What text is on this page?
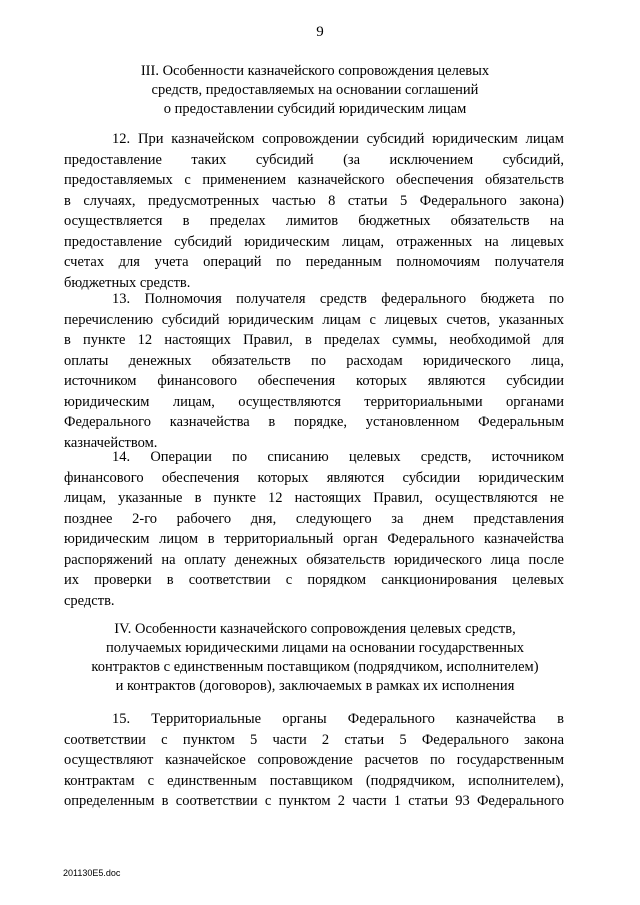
9
III. Особенности казначейского сопровождения целевых
средств, предоставляемых на основании соглашений
о предоставлении субсидий юридическим лицам
12. При казначейском сопровождении субсидий юридическим лицам
предоставление таких субсидий (за исключением субсидий,
предоставляемых с применением казначейского обеспечения обязательств
в случаях, предусмотренных частью 8 статьи 5 Федерального закона)
осуществляется в пределах лимитов бюджетных обязательств на
предоставление субсидий юридическим лицам, отраженных на лицевых
счетах для учета операций по переданным полномочиям получателя
бюджетных средств.
13. Полномочия получателя средств федерального бюджета по
перечислению субсидий юридическим лицам с лицевых счетов, указанных
в пункте 12 настоящих Правил, в пределах суммы, необходимой для
оплаты денежных обязательств по расходам юридического лица,
источником финансового обеспечения которых являются субсидии
юридическим лицам, осуществляются территориальными органами
Федерального казначейства в порядке, установленном Федеральным
казначейством.
14. Операции по списанию целевых средств, источником
финансового обеспечения которых являются субсидии юридическим
лицам, указанные в пункте 12 настоящих Правил, осуществляются не
позднее 2-го рабочего дня, следующего за днем представления
юридическим лицом в территориальный орган Федерального казначейства
распоряжений на оплату денежных обязательств юридического лица после
их проверки в соответствии с порядком санкционирования целевых
средств.
IV. Особенности казначейского сопровождения целевых средств,
получаемых юридическими лицами на основании государственных
контрактов с единственным поставщиком (подрядчиком, исполнителем)
и контрактов (договоров), заключаемых в рамках их исполнения
15. Территориальные органы Федерального казначейства в
соответствии с пунктом 5 части 2 статьи 5 Федерального закона
осуществляют казначейское сопровождение расчетов по государственным
контрактам с единственным поставщиком (подрядчиком, исполнителем),
определенным в соответствии с пунктом 2 части 1 статьи 93 Федерального
201130E5.doc
